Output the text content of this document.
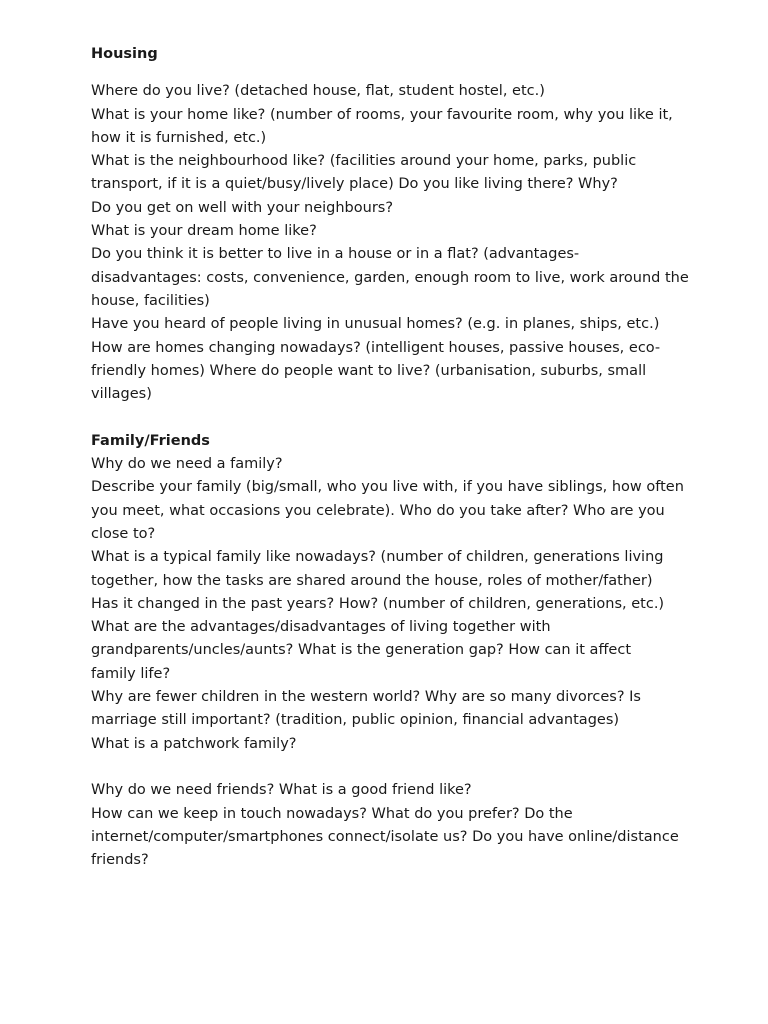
Housing

Where do you live? (detached house, flat, student hostel, etc.)

What is your home like? (number of rooms, your favourite room, why you like it,

how it is furnished, etc.)

What is the neighbourhood like? (facilities around your home, parks, public

transport, if it is a quiet/busy/lively place) Do you like living there? Why?

Do you get on well with your neighbours?

What is your dream home like?

Do you think it is better to live in a house or in a flat? (advantages-

disadvantages: costs, convenience, garden, enough room to live, work around the

house, facilities)

Have you heard of people living in unusual homes? (e.g. in planes, ships, etc.)

How are homes changing nowadays? (intelligent houses, passive houses, eco-

friendly homes) Where do people want to live? (urbanisation, suburbs, small

villages)

Family/Friends

Why do we need a family?

Describe your family (big/small, who you live with, if you have siblings, how often

you meet, what occasions you celebrate). Who do you take after? Who are you

close to?

What is a typical family like nowadays? (number of children, generations living

together, how the tasks are shared around the house, roles of mother/father)

Has it changed in the past years? How? (number of children, generations, etc.)

What are the advantages/disadvantages of living together with

grandparents/uncles/aunts? What is the generation gap? How can it affect

family life?

Why are fewer children in the western world? Why are so many divorces? Is

marriage still important? (tradition, public opinion, financial advantages)

What is a patchwork family?

Why do we need friends? What is a good friend like?

How can we keep in touch nowadays? What do you prefer? Do the

internet/computer/smartphones connect/isolate us? Do you have online/distance

friends?
